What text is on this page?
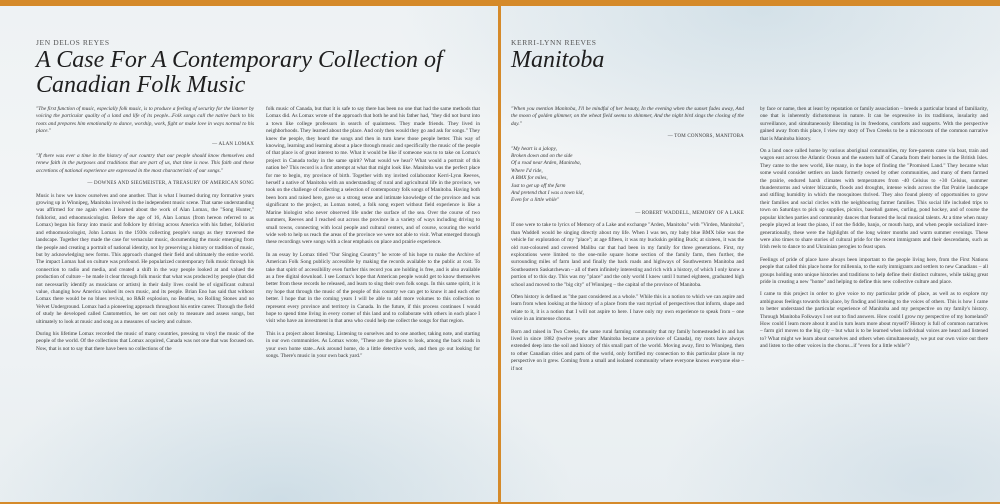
JEN DELOS REYES
A Case For A Contemporary Collection of Canadian Folk Music

"The first function of music, especially folk music, is to produce a feeling of security for the listener by voicing the particular quality of a land and life of its people...Folk songs call the native back to his roots and prepares him emotionally to dance, worship, work, fight or make love in ways normal to his place."

— ALAN LOMAX

"If there was ever a time in the history of our country that our people should know themselves and renew faith in the purposes and traditions that are part of us, that time is now. This faith and these accretions of national experience are expressed in the most characteristic of our songs."

— DOWNES AND SIEGMEISTER, A TREASURY OF AMERICAN SONG

Music is how we know ourselves and one another. That is what I learned during my formative years growing up in Winnipeg, Manitoba involved in the independent music scene. That same understanding was affirmed for me again when I learned about the work of Alan Lomax, the "Song Hunter," folklorist, and ethnomusicologist. Before the age of 16, Alan Lomax (from hereon referred to as Lomax) began his foray into music and folklore by driving across America with his father, folklorist and ethnomusicologist, John Lomax in the 1930s collecting people's songs as they traversed the landscape. Together they made the case for vernacular music, documenting the music emerging from the people and creating a portrait of national identity, not by preserving a history or tradition of music, but by acknowledging new forms. This approach changed their field and ultimately the entire world. The impact Lomax had on culture was profound. He popularized contemporary folk music through his connection to radio and media, and created a shift in the way people looked at and valued the production of culture – he made it clear through folk music that what was produced by people (that did not necessarily identify as musicians or artists) in their daily lives could be of significant cultural value, changing how America valued its own music, and its people. Brian Eno has said that without Lomax there would be no blues revival, no R&B explosion, no Beatles, no Rolling Stones and no Velvet Underground. Lomax had a pioneering approach throughout his entire career. Through the field of study he developed called Cantometrics, he set out not only to measure and assess songs, but ultimately to look at music and song as a measures of society and culture.

During his lifetime Lomax recorded the music of many countries, pressing to vinyl the music of the people of the world. Of the collections that Lomax acquired, Canada was not one that was focused on. Now, that is not to say that there have been no collections of the

folk music of Canada, but that it is safe to say there has been no one that had the same methods that Lomax did. As Lomax wrote of the approach that both he and his father had, "they did not burst into a town like college professors in search of quaintness. They made friends. They lived in neighborhoods. They learned about the place. And only then would they go and ask for songs." They knew the people, they heard the songs and then in turn knew those people better. This way of knowing, learning and learning about a place through music and specifically the music of the people of that place is of great interest to me. What it would be like if someone was to to take on Lomax's project in Canada today in the same spirit? What would we hear? What would a portrait of this nation be? This record is a first attempt at what that might look like. Manitoba was the perfect place for me to begin, my province of birth. Together with my invited collaborator Kerri-Lynn Reeves, herself a native of Manitoba with an understanding of rural and agricultural life in the province, we took on the challenge of collecting a selection of contemporary folk songs of Manitoba. Having both been born and raised here, gave us a strong sense and intimate knowledge of the province and was significant to the project, as Lomax noted, a folk song expert without field experience is like a Marine biologist who never observed life under the surface of the sea. Over the course of two summers, Reeves and I reached out across the province in a variety of ways including driving to small towns, connecting with local people and cultural centers, and of course, scouring the world wide web to help us reach the areas of the province we were not able to visit. What emerged through these recordings were songs with a clear emphasis on place and prairie experience.

In an essay by Lomax titled "Our Singing Country" he wrote of his hope to make the Archive of American Folk Song publicly accessible by making the records available to the public at cost. To take that spirit of accessibility even further this record you are holding is free, and is also available as a free digital download. I see Lomax's hope that American people would get to know themselves better from these records he released, and learn to sing their own folk songs. In this same spirit, it is my hope that through the music of the people of this country we can get to know it and each other better. I hope that in the coming years I will be able to add more volumes to this collection to represent every province and territory in Canada. In the future, if this process continues I would hope to spend time living in every corner of this land and to collaborate with others in each place I visit who have an investment in that area who could help me collect the songs for that region.

This is a project about listening. Listening to ourselves and to one another, taking note, and starting in our own communities. As Lomax wrote, "These are the places to look, among the back roads in your own home state...Ask around home, do a little detective work, and then go out looking for songs. There's music in your own back yard."

KERRI-LYNN REEVES
Manitoba

"When you mention Manitoba, I'll be mindful of her beauty, In the evening when the sunset fades away, And the moon of golden glimmer, on the wheat field seems to shimmer, And the night bird sings the closing of the day."

— TOM CONNORS, MANITOBA

"My heart is a jalopy,
Broken down and on the side
Of a road near Arden, Manitoba,
Where I'd ride,
A BMX for miles,
Just to get up off the farm
And pretend that I was a town kid,
Even for a little while"

— ROBERT WADDELL, MEMORY OF A LAKE

If one were to take to lyrics of Memory of a Lake and exchange "Arden, Manitoba" with "Virden, Manitoba", than Waddell would be singing directly about my life. When I was ten, my baby blue BMX bike was the vehicle for exploration of my "place"; at age fifteen, it was my buckskin gelding Buck; at sixteen, it was the old rust-coloured and covered Malibu car that had been in my family for three generations. First, my explorations were limited to the one-mile square home section of the family farm, then further, the surrounding miles of farm land and finally the back roads and highways of Southwestern Manitoba and Southeastern Saskatchewan – all of them infinitely interesting and rich with a history, of which I only know a portion of to this day. This was my "place" and the only world I knew until I turned eighteen, graduated high school and moved to the "big city" of Winnipeg – the capital of the province of Manitoba.

Often history is defined as "the past considered as a whole." While this is a notion to which we can aspire and learn from when looking at the history of a place from the vast myriad of perspectives that inform, shape and relate to it, it is a notion that I will not aspire to here. I have only my own experience to speak from – one voice in an immense chorus.

Born and raised in Two Creeks, the same rural farming community that my family homesteaded in and has lived in since 1882 (twelve years after Manitoba became a province of Canada), my roots have always extended deep into the soil and history of this small part of the world. Moving away, first to Winnipeg, then to other Canadian cities and parts of the world, only fortified my connection to this particular place in my perspective on it grew. Coming from a small and isolated community where everyone knows everyone else – if not

by face or name, then at least by reputation or family association – breeds a particular brand of familiarity, one that is inherently dichotomous in nature. It can be expressive in its traditions, insularity and surveillance, and simultaneously liberating in its freedoms, comforts and supports. With the perspective gained away from this place, I view my story of Two Creeks to be a microcosm of the common narrative that is Manitoba history.

On a land once called home by various aboriginal communities, my fore-parents came via boat, train and wagon east across the Atlantic Ocean and the eastern half of Canada from their homes in the British Isles. They came to the new world, like many, in the hope of finding the "Promised Land." They became what some would consider settlers on lands formerly owned by other communities, and many of them farmed the prairie, endured harsh climates with temperatures from -40 Celsius to +30 Celsius, summer thunderstorms and winter blizzards, floods and droughts, intense winds across the flat Prairie landscape and stifling humidity in which the mosquitoes thrived. They also found plenty of opportunities to grow their families and social circles with the neighbouring farmer families. This social life included trips to town on Saturdays to pick up supplies, picnics, baseball games, curling, pond hockey, and of course the popular kitchen parties and community dances that featured the local musical talents. At a time when many people played at least the piano, if not the fiddle, banjo, or mouth harp, and when people socialized inter-generationally, these were the highlights of the long winter months and warm summer evenings. These were also times to share stories of cultural pride for the recent immigrants and their descendants, such as Irish reels to dance to and Ukrainian perogies to feast upon.

Feelings of pride of place have always been important to the people living here, from the First Nations people that called this place home for millennia, to the early immigrants and settlers to new Canadians – all groups holding onto unique histories and traditions to help define their distinct cultures, while taking great pride in creating a new "home" and helping to define this new collective culture and place.

I came to this project in order to give voice to my particular pride of place, as well as to explore my ambiguous feelings towards this place, by finding and listening to the voices of others. This is how I came to better understand the particular experience of Manitoba and my perspective on my family's history. Through Manitoba Folkways I set out to find answers. How could I grow my perspective of my homeland? How could I learn more about it and in turn learn more about myself? History is full of common narratives – farm girl moves to the big city – but what is to be learned when individual voices are heard and listened to? What might we learn about ourselves and others when simultaneously, we put our own voice out there and listen to the other voices in the chorus...if "even for a little while"?
